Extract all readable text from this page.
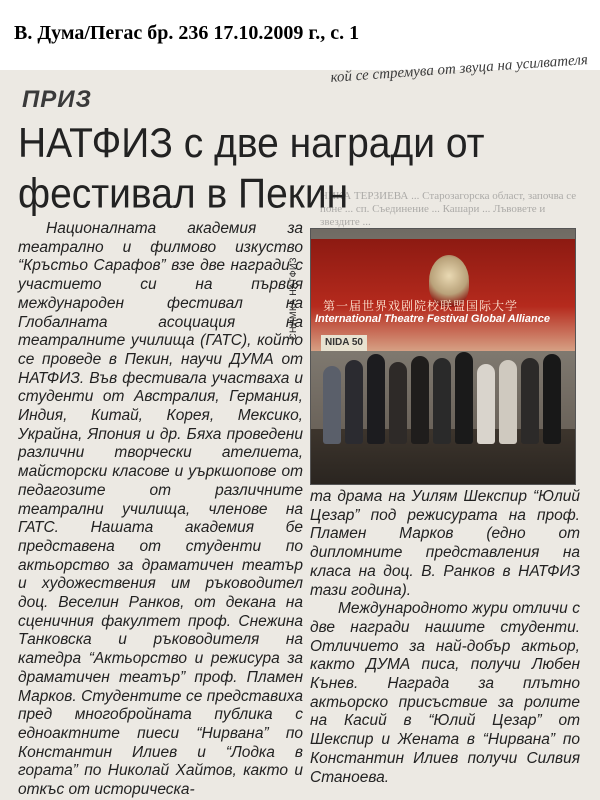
В. Дума/Пегас бр. 236 17.10.2009 г., с. 1
кой се стремува от звуца на усилвателя
НИКА ТЕРЗИЕВА ... Старозагорска област, започва се поне ... сп. Съединение ... Кашари ... Лъвовете и звездите ...
ПРИЗ
НАТФИЗ с две награди от фестивал в Пекин

Националната академия за театрално и филмово изкуство “Кръстьо Сарафов” взе две награди с участието си на първия международен фестивал на Глобалната асоциация на театралните училища (ГАТС), който се проведе в Пекин, научи ДУМА от НАТФИЗ. Във фестивала участваха и студенти от Австралия, Германия, Индия, Китай, Корея, Мексико, Украйна, Япония и др. Бяха проведени различни творчески ателиета, майсторски класове и уъркшопове от педагозите от различните театрални училища, членове на ГАТС. Нашата академия бе представена от студенти по актьорство за драматичен театър и художествения им ръководител доц. Веселин Ранков, от декана на сценичния факултет проф. Снежина Танковска и ръководителя на катедра “Актьорство и режисура за драматичен театър” проф. Пламен Марков. Студентите се представиха пред многобройната публика с едноактните пиеси “Нирвана” по Константин Илиев и “Лодка в гората” по Николай Хайтов, както и откъс от историческа-

СНИМКА НАТФИЗ	第一届世界戏剧院校联盟国际大学
International Theatre Festival Global Alliance
NIDA 50

та драма на Уилям Шекспир “Юлий Цезар” под режисурата на проф. Пламен Марков (едно от дипломните представления на класа на доц. В. Ранков в НАТФИЗ тази година).

Международното жури отличи с две награди нашите студенти. Отличието за най-добър актьор, както ДУМА писа, получи Любен Кънев. Награда за плътно актьорско присъствие за ролите на Касий в “Юлий Цезар” от Шекспир и Жената в “Нирвана” по Константин Илиев получи Силвия Станоева.
